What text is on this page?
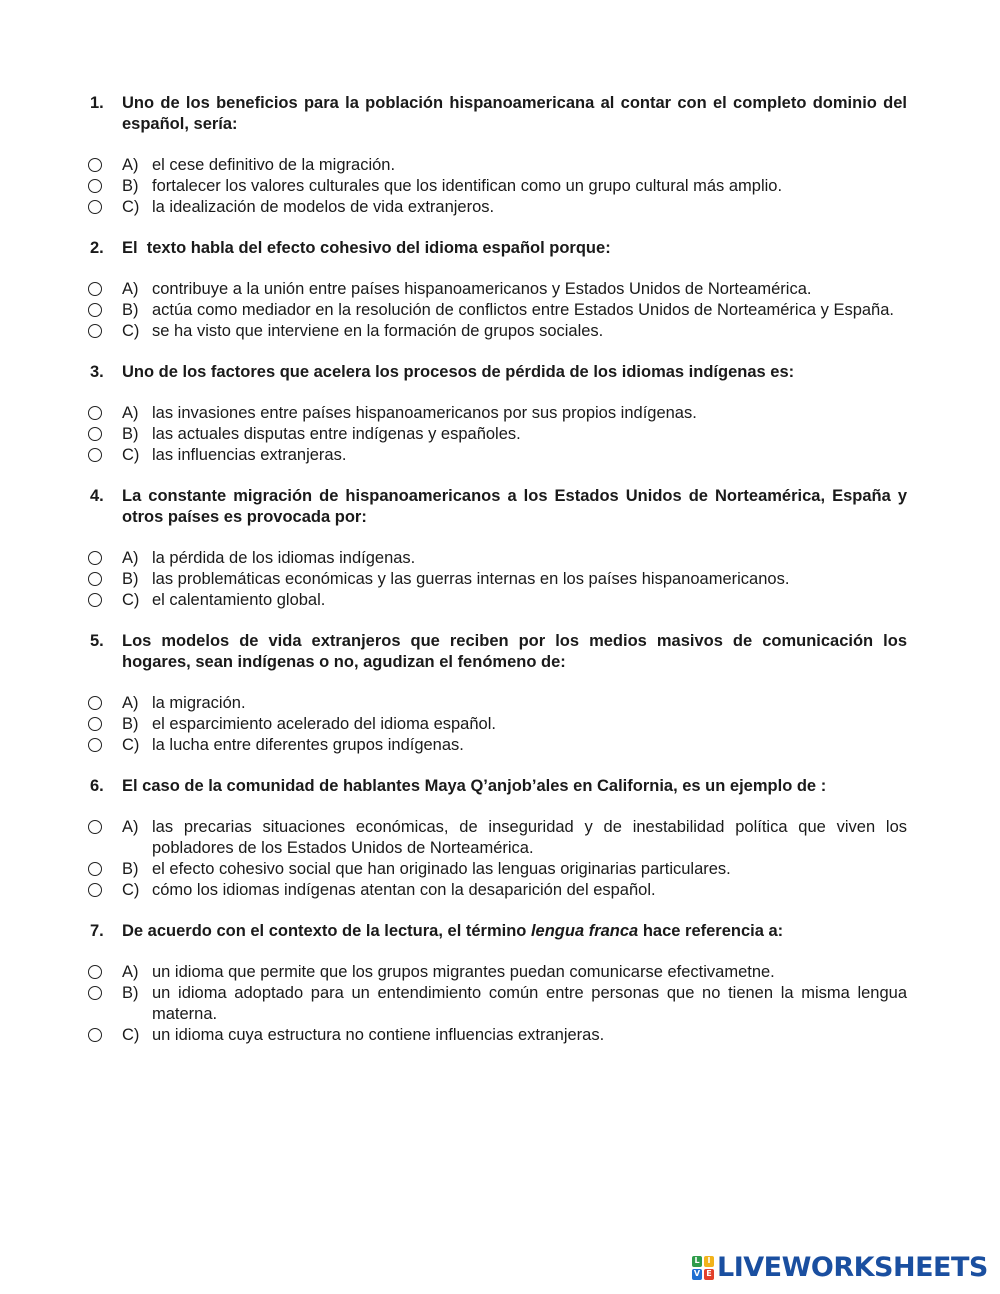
1.	Uno de los beneficios para la población hispanoamericana al contar con el completo dominio del español, sería:
A) el cese definitivo de la migración.
B) fortalecer los valores culturales que los identifican como un grupo cultural más amplio.
C) la idealización de modelos de vida extranjeros.
2.	El  texto habla del efecto cohesivo del idioma español porque:
A) contribuye a la unión entre países hispanoamericanos y Estados Unidos de Norteamérica.
B) actúa como mediador en la resolución de conflictos entre Estados Unidos de Norteamérica y España.
C) se ha visto que interviene en la formación de grupos sociales.
3.	Uno de los factores que acelera los procesos de pérdida de los idiomas indígenas es:
A) las invasiones entre países hispanoamericanos por sus propios indígenas.
B) las actuales disputas entre indígenas y españoles.
C) las influencias extranjeras.
4.	La constante migración de hispanoamericanos a los Estados Unidos de Norteamérica, España y otros países es provocada por:
A) la pérdida de los idiomas indígenas.
B) las problemáticas económicas y las guerras internas en los países hispanoamericanos.
C) el calentamiento global.
5.	Los modelos de vida extranjeros que reciben por los medios masivos de comunicación los hogares, sean indígenas o no, agudizan el fenómeno de:
A) la migración.
B) el esparcimiento acelerado del idioma español.
C) la lucha entre diferentes grupos indígenas.
6.	El caso de la comunidad de hablantes Maya Q’anjob’ales en California, es un ejemplo de :
A) las precarias situaciones económicas, de inseguridad y de inestabilidad política que viven los pobladores de los Estados Unidos de Norteamérica.
B) el efecto cohesivo social que han originado las lenguas originarias particulares.
C) cómo los idiomas indígenas atentan con la desaparición del español.
7.	De acuerdo con el contexto de la lectura, el término lengua franca hace referencia a:
A) un idioma que permite que los grupos migrantes puedan comunicarse efectivametne.
B) un idioma adoptado para un entendimiento común entre personas que no tienen la misma lengua materna.
C) un idioma cuya estructura no contiene influencias extranjeras.
L I
V E LIVEWORKSHEETS
